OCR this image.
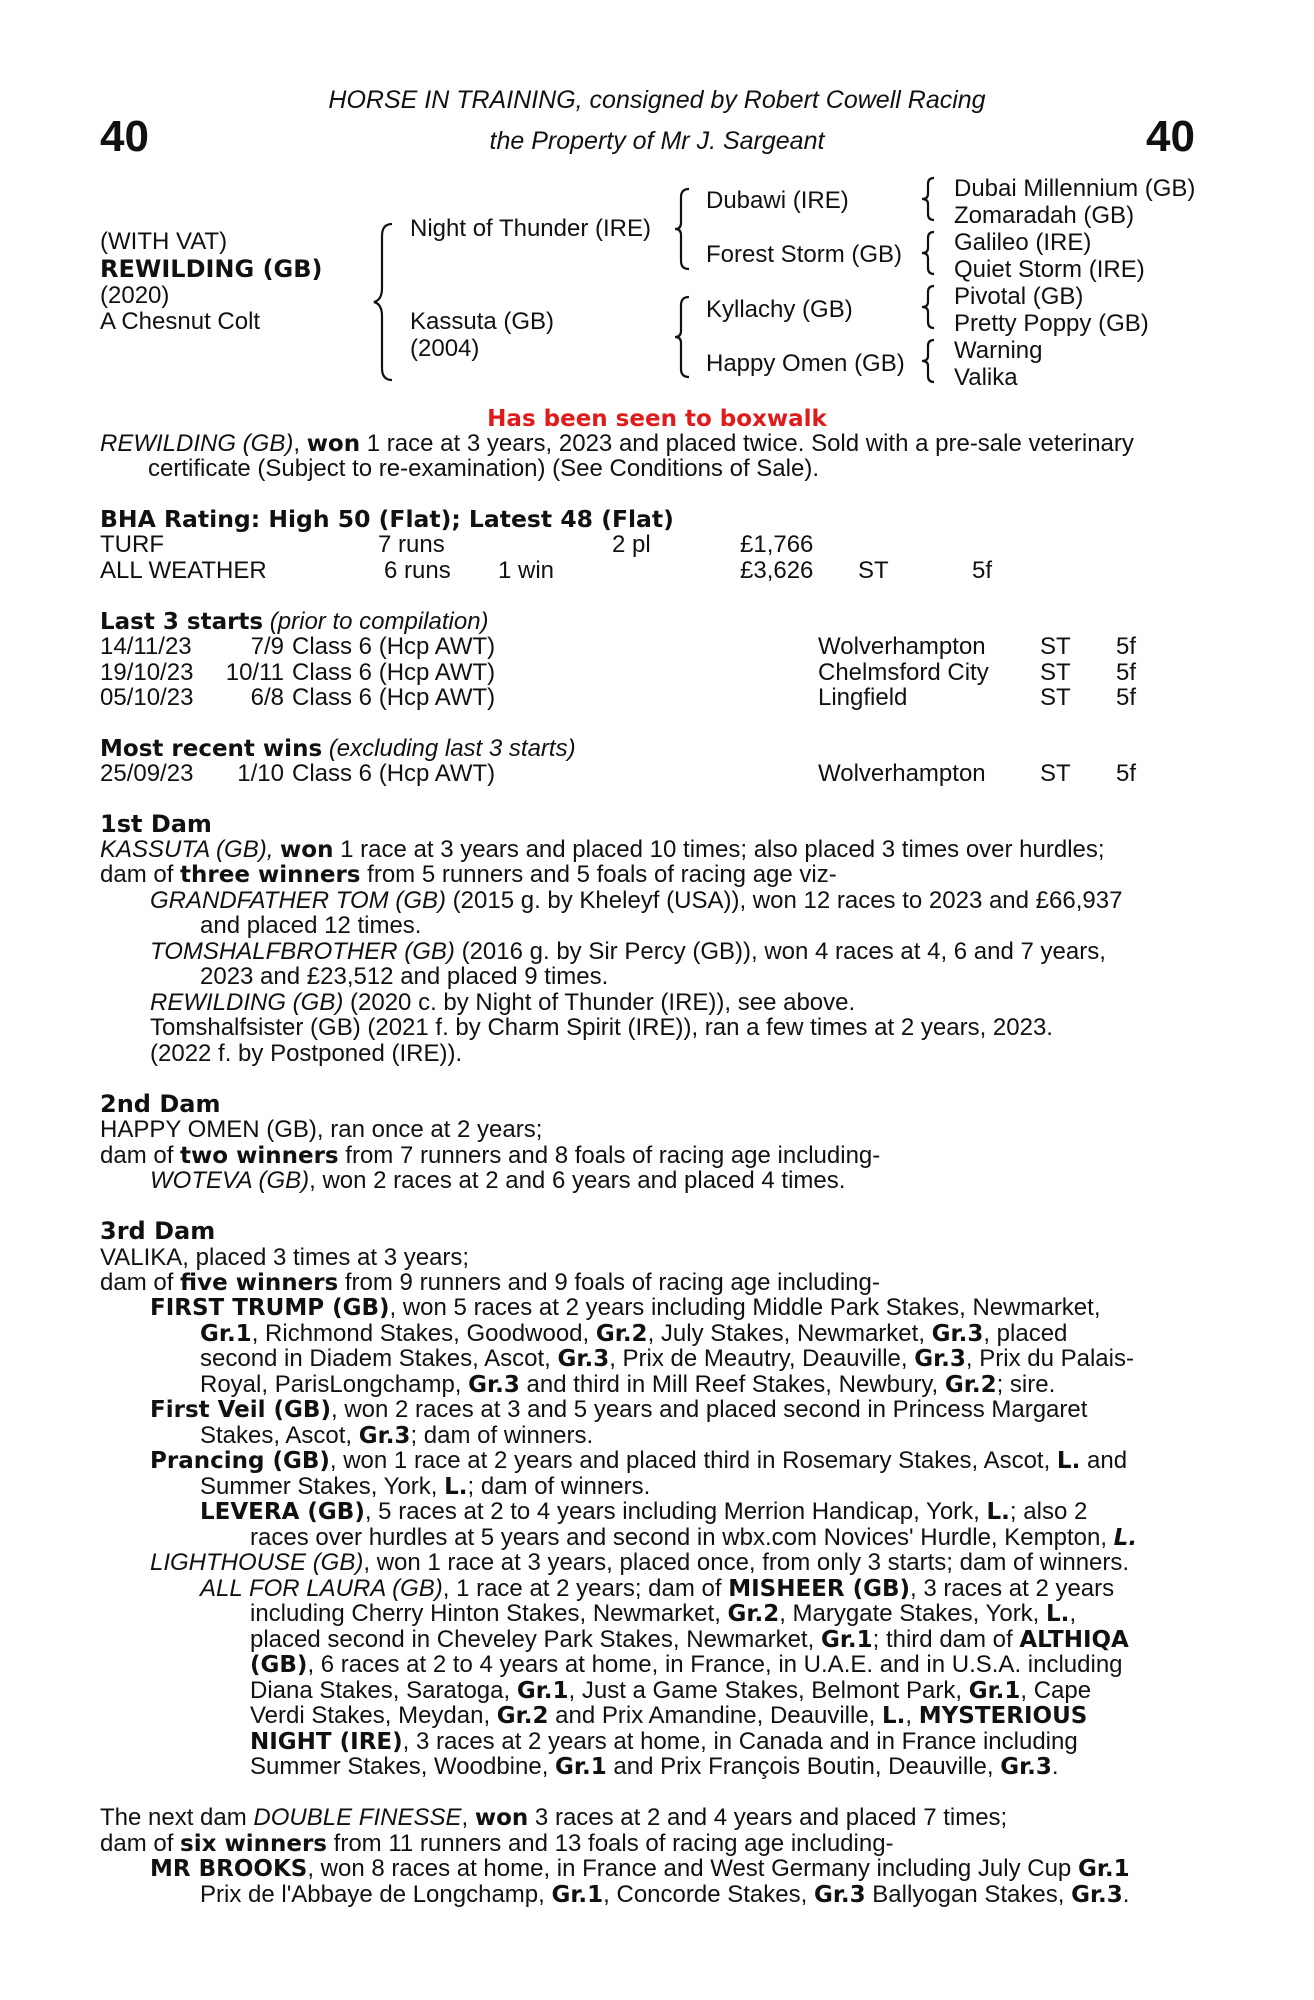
40	40
HORSE IN TRAINING, consigned by Robert Cowell Racing
the Property of Mr J. Sargeant
(WITH VAT)
REWILDING (GB)
(2020)
A Chesnut Colt
Night of Thunder (IRE)
Kassuta (GB)
(2004)
Dubawi (IRE)
Forest Storm (GB)
Kyllachy (GB)
Happy Omen (GB)
Dubai Millennium (GB)
Zomaradah (GB)
Galileo (IRE)
Quiet Storm (IRE)
Pivotal (GB)
Pretty Poppy (GB)
Warning
Valika
Has been seen to boxwalk
REWILDING (GB), won 1 race at 3 years, 2023 and placed twice. Sold with a pre-sale veterinary
certificate (Subject to re-examination) (See Conditions of Sale).
BHA Rating: High 50 (Flat); Latest 48 (Flat)
TURF	7 runs	2 pl	£1,766
ALL WEATHER	6 runs 1 win	£3,626 ST	5f
Last 3 starts (prior to compilation)
14/11/23	7/9 Class 6 (Hcp AWT)	Wolverhampton ST 5f
19/10/23	10/11 Class 6 (Hcp AWT)	Chelmsford City ST 5f
05/10/23	6/8 Class 6 (Hcp AWT)	Lingfield	ST 5f
Most recent wins (excluding last 3 starts)
25/09/23	1/10 Class 6 (Hcp AWT)	Wolverhampton ST 5f
1st Dam
KASSUTA (GB), won 1 race at 3 years and placed 10 times; also placed 3 times over hurdles;
dam of three winners from 5 runners and 5 foals of racing age viz-
GRANDFATHER TOM (GB) (2015 g. by Kheleyf (USA)), won 12 races to 2023 and £66,937
and placed 12 times.
TOMSHALFBROTHER (GB) (2016 g. by Sir Percy (GB)), won 4 races at 4, 6 and 7 years,
2023 and £23,512 and placed 9 times.
REWILDING (GB) (2020 c. by Night of Thunder (IRE)), see above.
Tomshalfsister (GB) (2021 f. by Charm Spirit (IRE)), ran a few times at 2 years, 2023.
(2022 f. by Postponed (IRE)).
2nd Dam
HAPPY OMEN (GB), ran once at 2 years;
dam of two winners from 7 runners and 8 foals of racing age including-
WOTEVA (GB), won 2 races at 2 and 6 years and placed 4 times.
3rd Dam
VALIKA, placed 3 times at 3 years;
dam of five winners from 9 runners and 9 foals of racing age including-
FIRST TRUMP (GB), won 5 races at 2 years including Middle Park Stakes, Newmarket,
Gr.1, Richmond Stakes, Goodwood, Gr.2, July Stakes, Newmarket, Gr.3, placed
second in Diadem Stakes, Ascot, Gr.3, Prix de Meautry, Deauville, Gr.3, Prix du Palais-
Royal, ParisLongchamp, Gr.3 and third in Mill Reef Stakes, Newbury, Gr.2; sire.
First Veil (GB), won 2 races at 3 and 5 years and placed second in Princess Margaret
Stakes, Ascot, Gr.3; dam of winners.
Prancing (GB), won 1 race at 2 years and placed third in Rosemary Stakes, Ascot, L. and
Summer Stakes, York, L.; dam of winners.
LEVERA (GB), 5 races at 2 to 4 years including Merrion Handicap, York, L.; also 2
races over hurdles at 5 years and second in wbx.com Novices' Hurdle, Kempton, L.
LIGHTHOUSE (GB), won 1 race at 3 years, placed once, from only 3 starts; dam of winners.
ALL FOR LAURA (GB), 1 race at 2 years; dam of MISHEER (GB), 3 races at 2 years
including Cherry Hinton Stakes, Newmarket, Gr.2, Marygate Stakes, York, L.,
placed second in Cheveley Park Stakes, Newmarket, Gr.1; third dam of ALTHIQA
(GB), 6 races at 2 to 4 years at home, in France, in U.A.E. and in U.S.A. including
Diana Stakes, Saratoga, Gr.1, Just a Game Stakes, Belmont Park, Gr.1, Cape
Verdi Stakes, Meydan, Gr.2 and Prix Amandine, Deauville, L., MYSTERIOUS
NIGHT (IRE), 3 races at 2 years at home, in Canada and in France including
Summer Stakes, Woodbine, Gr.1 and Prix François Boutin, Deauville, Gr.3.
The next dam DOUBLE FINESSE, won 3 races at 2 and 4 years and placed 7 times;
dam of six winners from 11 runners and 13 foals of racing age including-
MR BROOKS, won 8 races at home, in France and West Germany including July Cup Gr.1
Prix de l'Abbaye de Longchamp, Gr.1, Concorde Stakes, Gr.3 Ballyogan Stakes, Gr.3.
